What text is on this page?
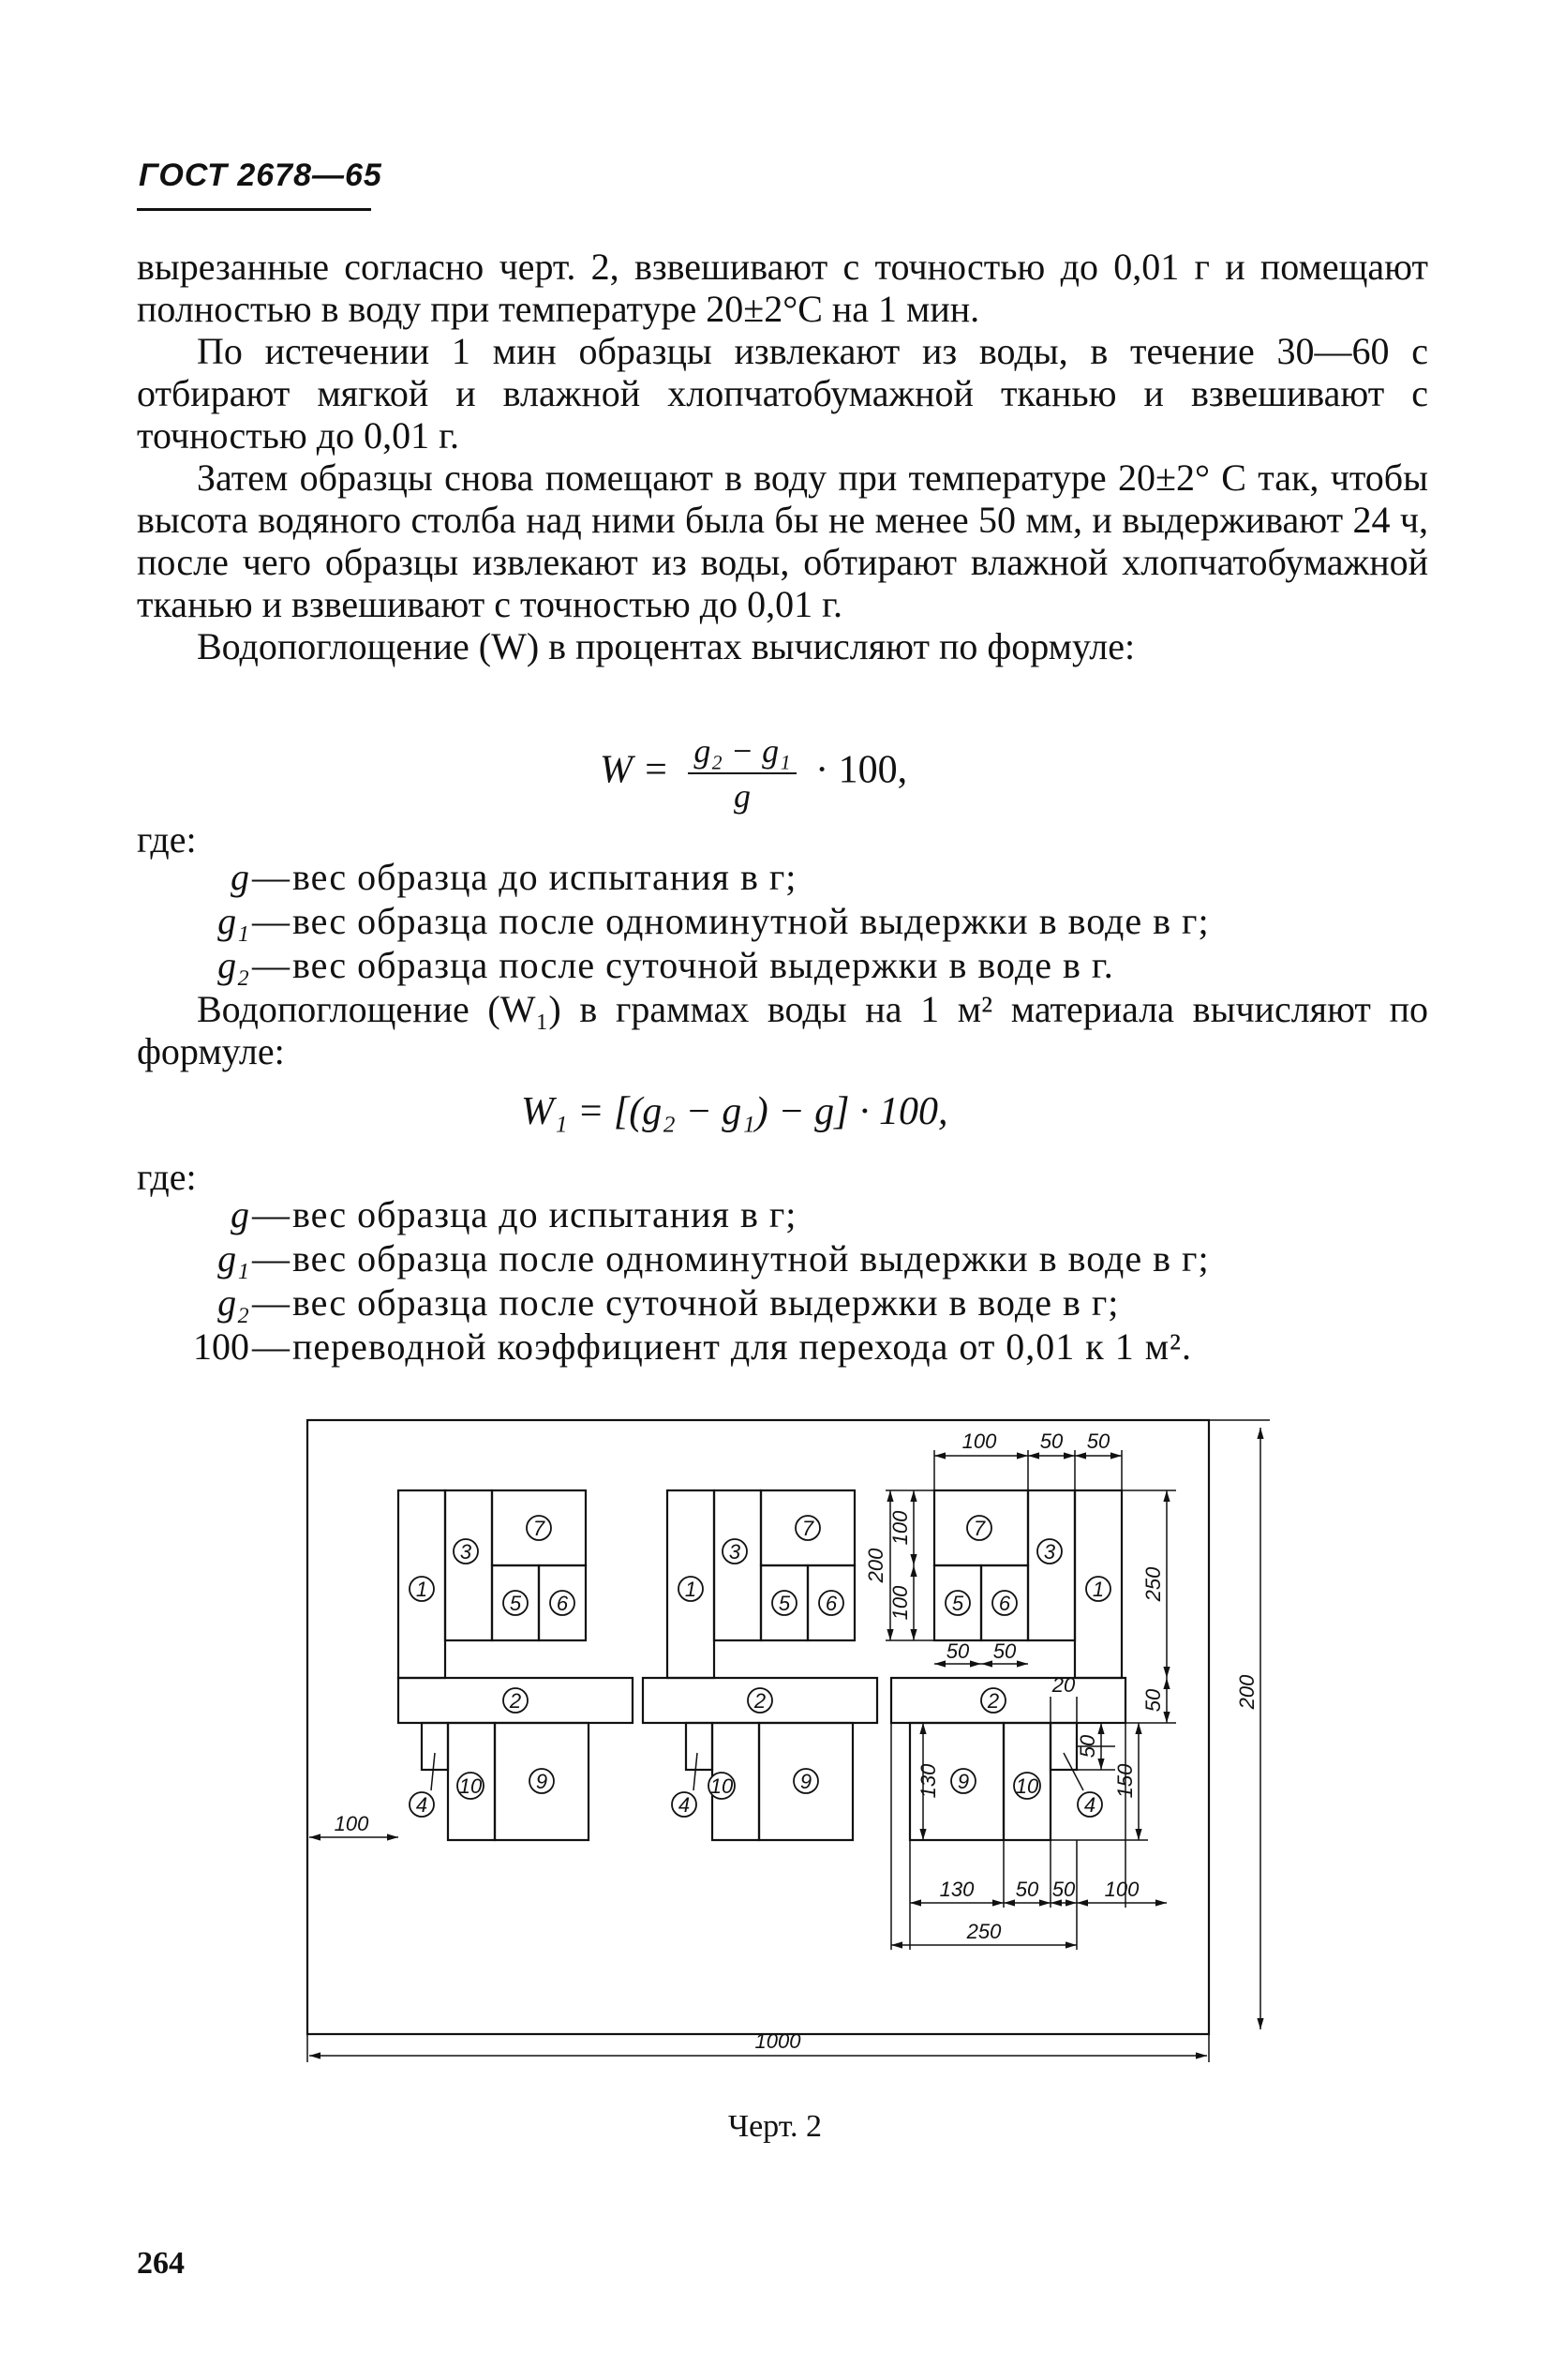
ГОСТ 2678—65

вырезанные согласно черт. 2, взвешивают с точностью до 0,01 г и помещают полностью в воду при температуре 20±2°С на 1 мин.

По истечении 1 мин образцы извлекают из воды, в течение 30—60 с отбирают мягкой и влажной хлопчатобумажной тканью и взвешивают с точностью до 0,01 г.

Затем образцы снова помещают в воду при температуре 20±2° С так, чтобы высота водяного столба над ними была бы не менее 50 мм, и выдерживают 24 ч, после чего образцы извлекают из воды, обтирают влажной хлопчатобумажной тканью и взвешивают с точностью до 0,01 г.

Водопоглощение (W) в процентах вычисляют по формуле:

$W = \frac{\text{g₂ − g₁}}{g} \cdot 100$,
где:
g — вес образца до испытания в г;
g₁ — вес образца после одноминутной выдержки в воде в г;
g₂ — вес образца после суточной выдержки в воде в г.

Водопоглощение (W₁) в граммах воды на 1 м² материала вычисляют по формуле:

W₁ = [(g₂ − g₁) − g] · 100,
где:
g — вес образца до испытания в г;
g₁ — вес образца после одноминутной выдержки в воде в г;
g₂ — вес образца после суточной выдержки в воде в г;
100 — переводной коэффициент для перехода от 0,01 к 1 м².
1
3
7
5 6
2
4
10	9
1
3
7
5 6
2
4
10	9
7
5 6
3
1
2
9 10
4
100 50 50
200
100
100
50 50
250
50	200
20
50
150
130
130 50 50 100
250
100
1000
Черт. 2
264
